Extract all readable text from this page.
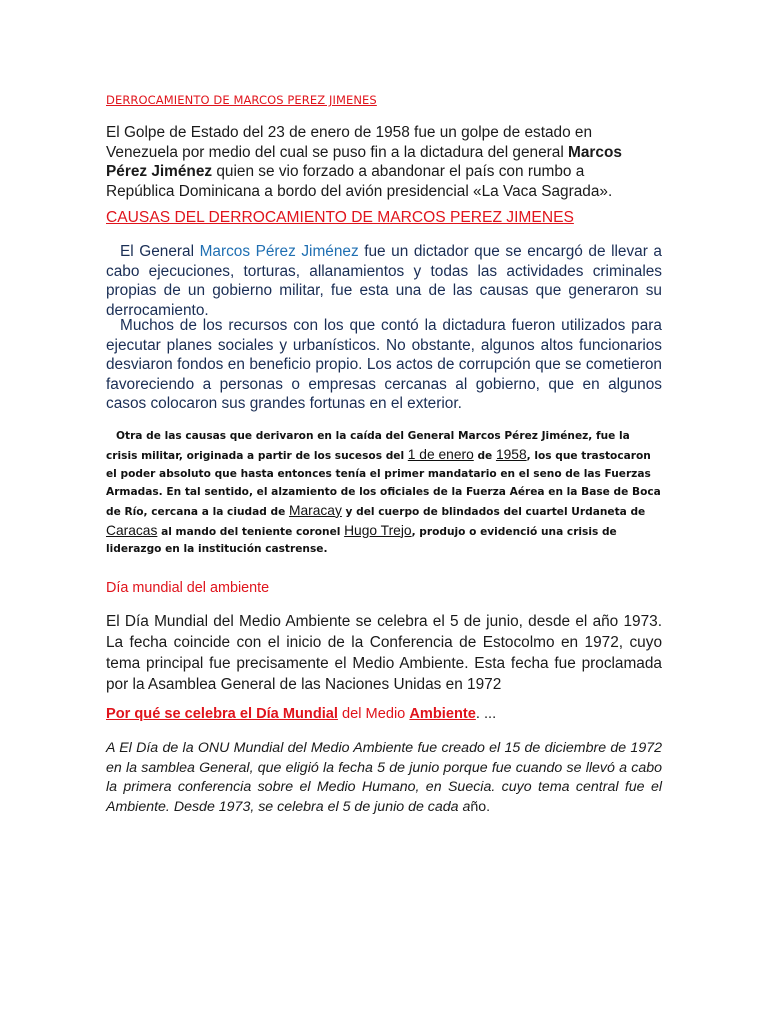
DERROCAMIENTO DE MARCOS PEREZ JIMENES
El Golpe de Estado del 23 de enero de 1958 fue un golpe de estado en Venezuela por medio del cual se puso fin a la dictadura del general Marcos Pérez Jiménez quien se vio forzado a abandonar el país con rumbo a República Dominicana a bordo del avión presidencial «La Vaca Sagrada».
CAUSAS DEL DERROCAMIENTO DE MARCOS PEREZ JIMENES
El General Marcos Pérez Jiménez fue un dictador que se encargó de llevar a cabo ejecuciones, torturas, allanamientos y todas las actividades criminales propias de un gobierno militar, fue esta una de las causas que generaron su derrocamiento.
Muchos de los recursos con los que contó la dictadura fueron utilizados para ejecutar planes sociales y urbanísticos. No obstante, algunos altos funcionarios desviaron fondos en beneficio propio. Los actos de corrupción que se cometieron favoreciendo a personas o empresas cercanas al gobierno, que en algunos casos colocaron sus grandes fortunas en el exterior.
Otra de las causas que derivaron en la caída del General Marcos Pérez Jiménez, fue la crisis militar, originada a partir de los sucesos del 1 de enero de 1958, los que trastocaron el poder absoluto que hasta entonces tenía el primer mandatario en el seno de las Fuerzas Armadas. En tal sentido, el alzamiento de los oficiales de la Fuerza Aérea en la Base de Boca de Río, cercana a la ciudad de Maracay y del cuerpo de blindados del cuartel Urdaneta de Caracas al mando del teniente coronel Hugo Trejo, produjo o evidenció una crisis de liderazgo en la institución castrense.
Día mundial del ambiente
El Día Mundial del Medio Ambiente se celebra el 5 de junio, desde el año 1973. La fecha coincide con el inicio de la Conferencia de Estocolmo en 1972, cuyo tema principal fue precisamente el Medio Ambiente. Esta fecha fue proclamada por la Asamblea General de las Naciones Unidas en 1972
Por qué se celebra el Día Mundial del Medio Ambiente. ...
A El Día de la ONU Mundial del Medio Ambiente fue creado el 15 de diciembre de 1972 en la samblea General, que eligió la fecha 5 de junio porque fue cuando se llevó a cabo la primera conferencia sobre el Medio Humano, en Suecia. cuyo tema central fue el Ambiente. Desde 1973, se celebra el 5 de junio de cada año.
